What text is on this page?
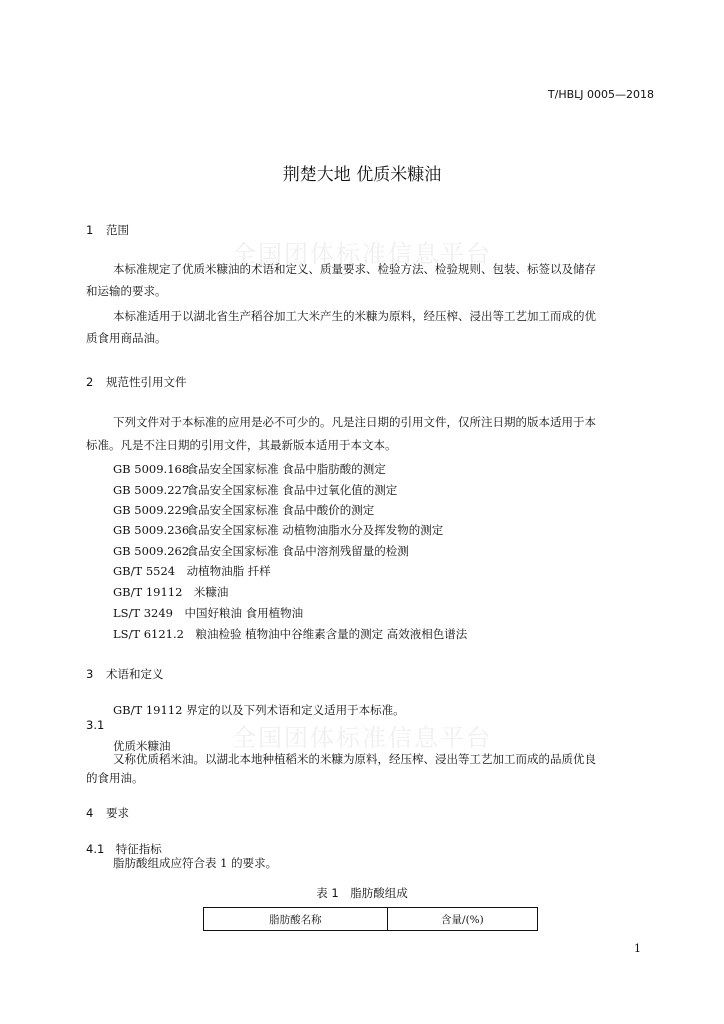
T/HBLJ 0005—2018
荆楚大地 优质米糠油
全国团体标准信息平台
全国团体标准信息平台
1 范围
本标准规定了优质米糠油的术语和定义、质量要求、检验方法、检验规则、包装、标签以及储存
和运输的要求。
本标准适用于以湖北省生产稻谷加工大米产生的米糠为原料，经压榨、浸出等工艺加工而成的优
质食用商品油。
2 规范性引用文件
下列文件对于本标准的应用是必不可少的。凡是注日期的引用文件，仅所注日期的版本适用于本
标准。凡是不注日期的引用文件，其最新版本适用于本文本。
GB 5009.168 食品安全国家标准 食品中脂肪酸的测定
GB 5009.227 食品安全国家标准 食品中过氧化值的测定
GB 5009.229 食品安全国家标准 食品中酸价的测定
GB 5009.236 食品安全国家标准 动植物油脂水分及挥发物的测定
GB 5009.262 食品安全国家标准 食品中溶剂残留量的检测
GB/T 5524　 动植物油脂 扦样
GB/T 19112　 米糠油
LS/T 3249　 中国好粮油 食用植物油
LS/T 6121.2　 粮油检验 植物油中谷维素含量的测定 高效液相色谱法
3 术语和定义
GB/T 19112 界定的以及下列术语和定义适用于本标准。
3.1
优质米糠油
又称优质稻米油。以湖北本地种植稻米的米糠为原料，经压榨、浸出等工艺加工而成的品质优良
的食用油。
4 要求
4.1　 特征指标
脂肪酸组成应符合表 1 的要求。
表 1　脂肪酸组成
脂肪酸名称	含量/(%)
1
